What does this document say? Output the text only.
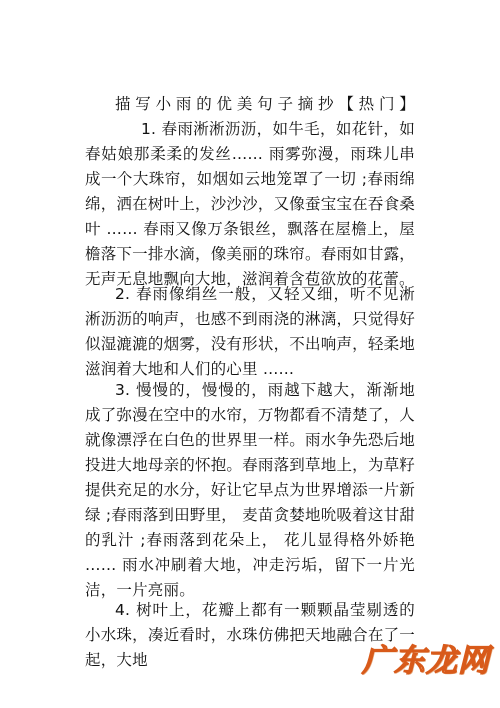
描写小雨的优美句子摘抄【热门】1. 春雨淅淅沥沥，如牛毛，如花针，如春姑娘那柔柔的发丝…… 雨雾弥漫，雨珠儿串成一个大珠帘，如烟如云地笼罩了一切 ;春雨绵绵，洒在树叶上，沙沙沙，又像蚕宝宝在吞食桑叶 …… 春雨又像万条银丝，飘落在屋檐上，屋檐落下一排水滴，像美丽的珠帘。春雨如甘露，无声无息地飘向大地，滋润着含苞欲放的花蕾。

2. 春雨像绢丝一般，又轻又细，听不见淅淅沥沥的响声，也感不到雨浇的淋漓，只觉得好似湿漉漉的烟雾，没有形状，不出响声，轻柔地滋润着大地和人们的心里 ……

3. 慢慢的，慢慢的，雨越下越大，渐渐地成了弥漫在空中的水帘，万物都看不清楚了，人就像漂浮在白色的世界里一样。雨水争先恐后地投进大地母亲的怀抱。春雨落到草地上，为草籽提供充足的水分，好让它早点为世界增添一片新绿 ;春雨落到田野里， 麦苗贪婪地吮吸着这甘甜的乳汁 ;春雨落到花朵上， 花儿显得格外娇艳 …… 雨水冲刷着大地，冲走污垢，留下一片光洁，一片亮丽。

4. 树叶上，花瓣上都有一颗颗晶莹剔透的小水珠，凑近看时，水珠仿佛把天地融合在了一起，大地	广东龙网
